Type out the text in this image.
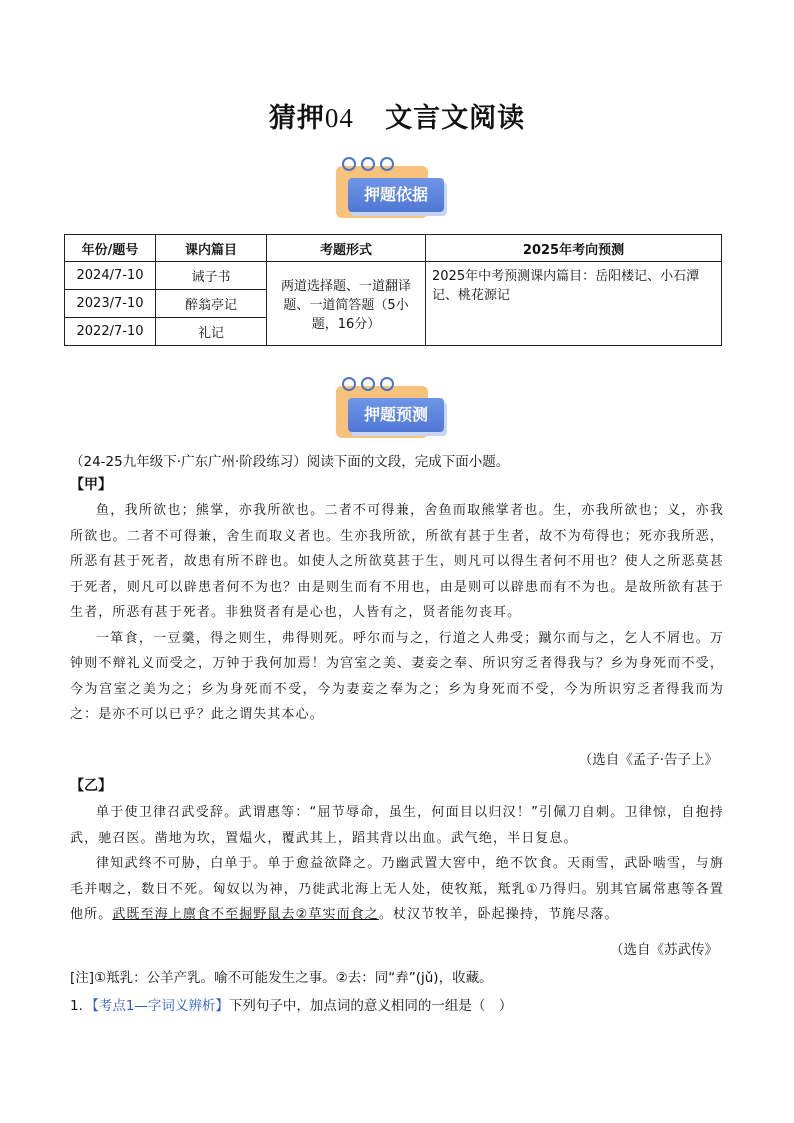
猜押04 文言文阅读
押题依据
年份/题号	课内篇目	考题形式	2025年考向预测
2024/7-10	诫子书	两道选择题、一道翻译题、一道简答题（5小题，16分）	2025年中考预测课内篇目：岳阳楼记、小石潭记、桃花源记
2023/7-10	醉翁亭记		
2022/7-10	礼记		
押题预测
（24-25九年级下·广东广州·阶段练习）阅读下面的文段，完成下面小题。
【甲】

鱼，我所欲也；熊掌，亦我所欲也。二者不可得兼，舍鱼而取熊掌者也。生，亦我所欲也；义，亦我所欲也。二者不可得兼，舍生而取义者也。生亦我所欲，所欲有甚于生者，故不为苟得也；死亦我所恶，所恶有甚于死者，故患有所不辟也。如使人之所欲莫甚于生，则凡可以得生者何不用也？使人之所恶莫甚于死者，则凡可以辟患者何不为也？由是则生而有不用也，由是则可以辟患而有不为也。是故所欲有甚于生者，所恶有甚于死者。非独贤者有是心也，人皆有之，贤者能勿丧耳。

一箪食，一豆羹，得之则生，弗得则死。呼尔而与之，行道之人弗受；蹴尔而与之，乞人不屑也。万钟则不辩礼义而受之，万钟于我何加焉！为宫室之美、妻妾之奉、所识穷乏者得我与？乡为身死而不受，今为宫室之美为之；乡为身死而不受，今为妻妾之奉为之；乡为身死而不受，今为所识穷乏者得我而为之：是亦不可以已乎？此之谓失其本心。

（选自《孟子·告子上》
【乙】

单于使卫律召武受辞。武谓惠等：“屈节辱命，虽生，何面目以归汉！”引佩刀自刺。卫律惊，自抱持武，驰召医。凿地为坎，置煴火，覆武其上，蹈其背以出血。武气绝，半日复息。

律知武终不可胁，白单于。单于愈益欲降之。乃幽武置大窖中，绝不饮食。天雨雪，武卧啮雪，与旃毛并咽之，数日不死。匈奴以为神，乃徙武北海上无人处，使牧羝，羝乳①乃得归。别其官属常惠等各置他所。武既至海上廪食不至掘野鼠去②草实而食之。杖汉节牧羊，卧起操持，节旄尽落。

（选自《苏武传》
[注]①羝乳：公羊产乳。喻不可能发生之事。②去：同“弆”(jǔ)，收藏。
1．【考点1—字词义辨析】下列句子中，加点词的意义相同的一组是（　）
